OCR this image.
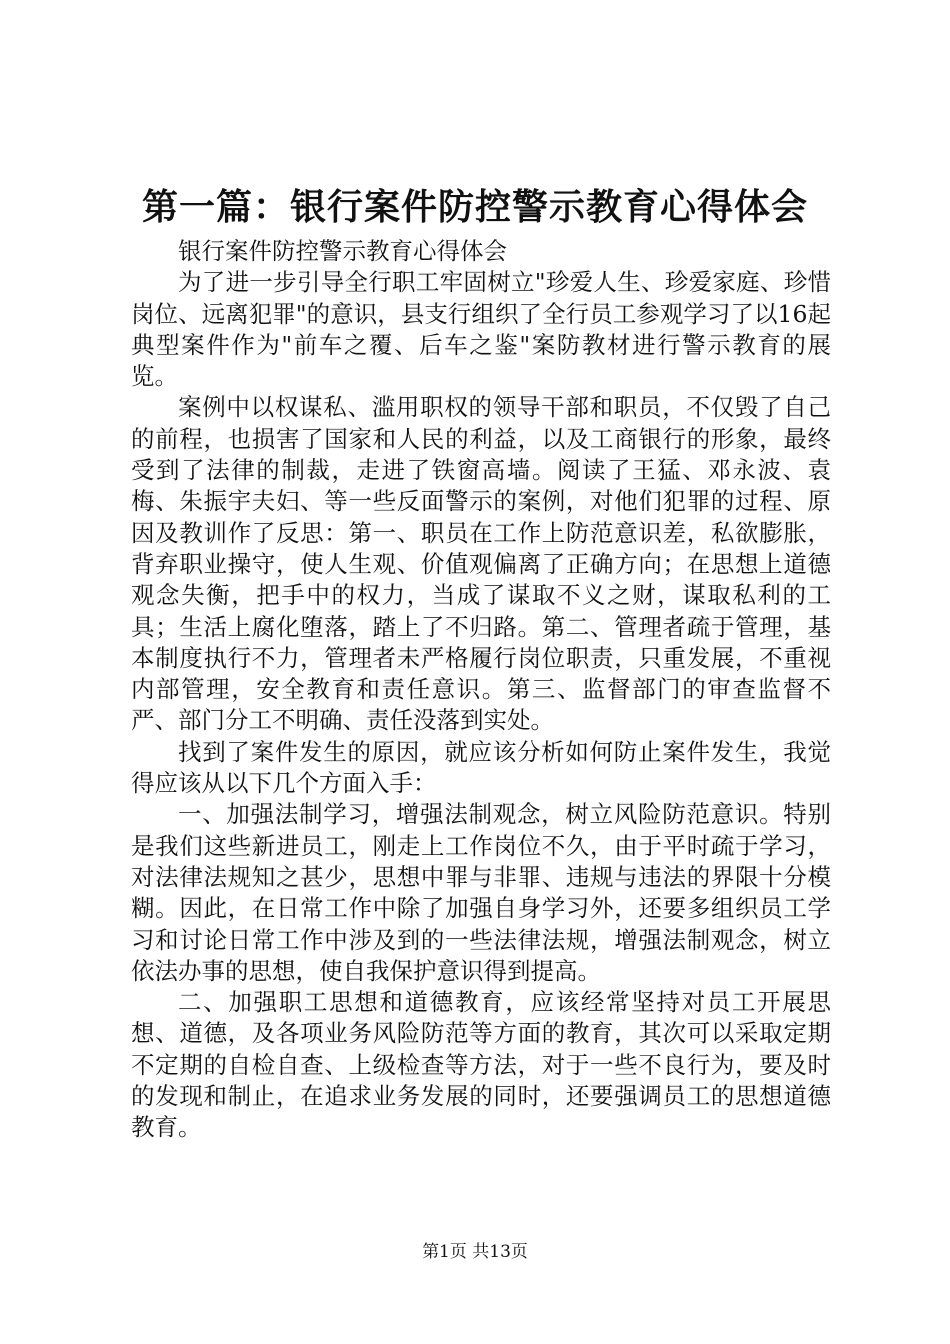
第一篇：银行案件防控警示教育心得体会

银行案件防控警示教育心得体会

为了进一步引导全行职工牢固树立"珍爱人生、珍爱家庭、珍惜岗位、远离犯罪"的意识，县支行组织了全行员工参观学习了以16起典型案件作为"前车之覆、后车之鉴"案防教材进行警示教育的展览。

案例中以权谋私、滥用职权的领导干部和职员，不仅毁了自己的前程，也损害了国家和人民的利益，以及工商银行的形象，最终受到了法律的制裁，走进了铁窗高墙。阅读了王猛、邓永波、袁梅、朱振宇夫妇、等一些反面警示的案例，对他们犯罪的过程、原因及教训作了反思：第一、职员在工作上防范意识差，私欲膨胀，背弃职业操守，使人生观、价值观偏离了正确方向；在思想上道德观念失衡，把手中的权力，当成了谋取不义之财，谋取私利的工具；生活上腐化堕落，踏上了不归路。第二、管理者疏于管理，基本制度执行不力，管理者未严格履行岗位职责，只重发展，不重视内部管理，安全教育和责任意识。第三、监督部门的审查监督不严、部门分工不明确、责任没落到实处。

找到了案件发生的原因，就应该分析如何防止案件发生，我觉得应该从以下几个方面入手：

一、加强法制学习，增强法制观念，树立风险防范意识。特别是我们这些新进员工，刚走上工作岗位不久，由于平时疏于学习，对法律法规知之甚少，思想中罪与非罪、违规与违法的界限十分模糊。因此，在日常工作中除了加强自身学习外，还要多组织员工学习和讨论日常工作中涉及到的一些法律法规，增强法制观念，树立依法办事的思想，使自我保护意识得到提高。

二、加强职工思想和道德教育，应该经常坚持对员工开展思想、道德，及各项业务风险防范等方面的教育，其次可以采取定期不定期的自检自查、上级检查等方法，对于一些不良行为，要及时的发现和制止，在追求业务发展的同时，还要强调员工的思想道德教育。

第1页 共13页
